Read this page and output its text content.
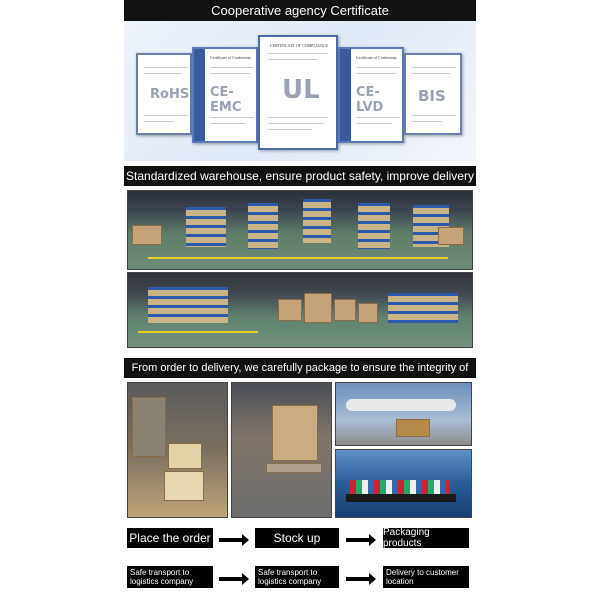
Cooperative agency Certificate
RoHS
Certificate of Conformity
CE-EMC
CERTIFICATE OF COMPLIANCE
UL
Certificate of Conformity
CE-LVD
BIS
Standardized warehouse, ensure product safety, improve delivery
From order to delivery, we carefully package to ensure the integrity of
Place the order	Stock up	Packaging products
Safe transport to logistics company
Safe transport to logistics company
Delivery to customer location
